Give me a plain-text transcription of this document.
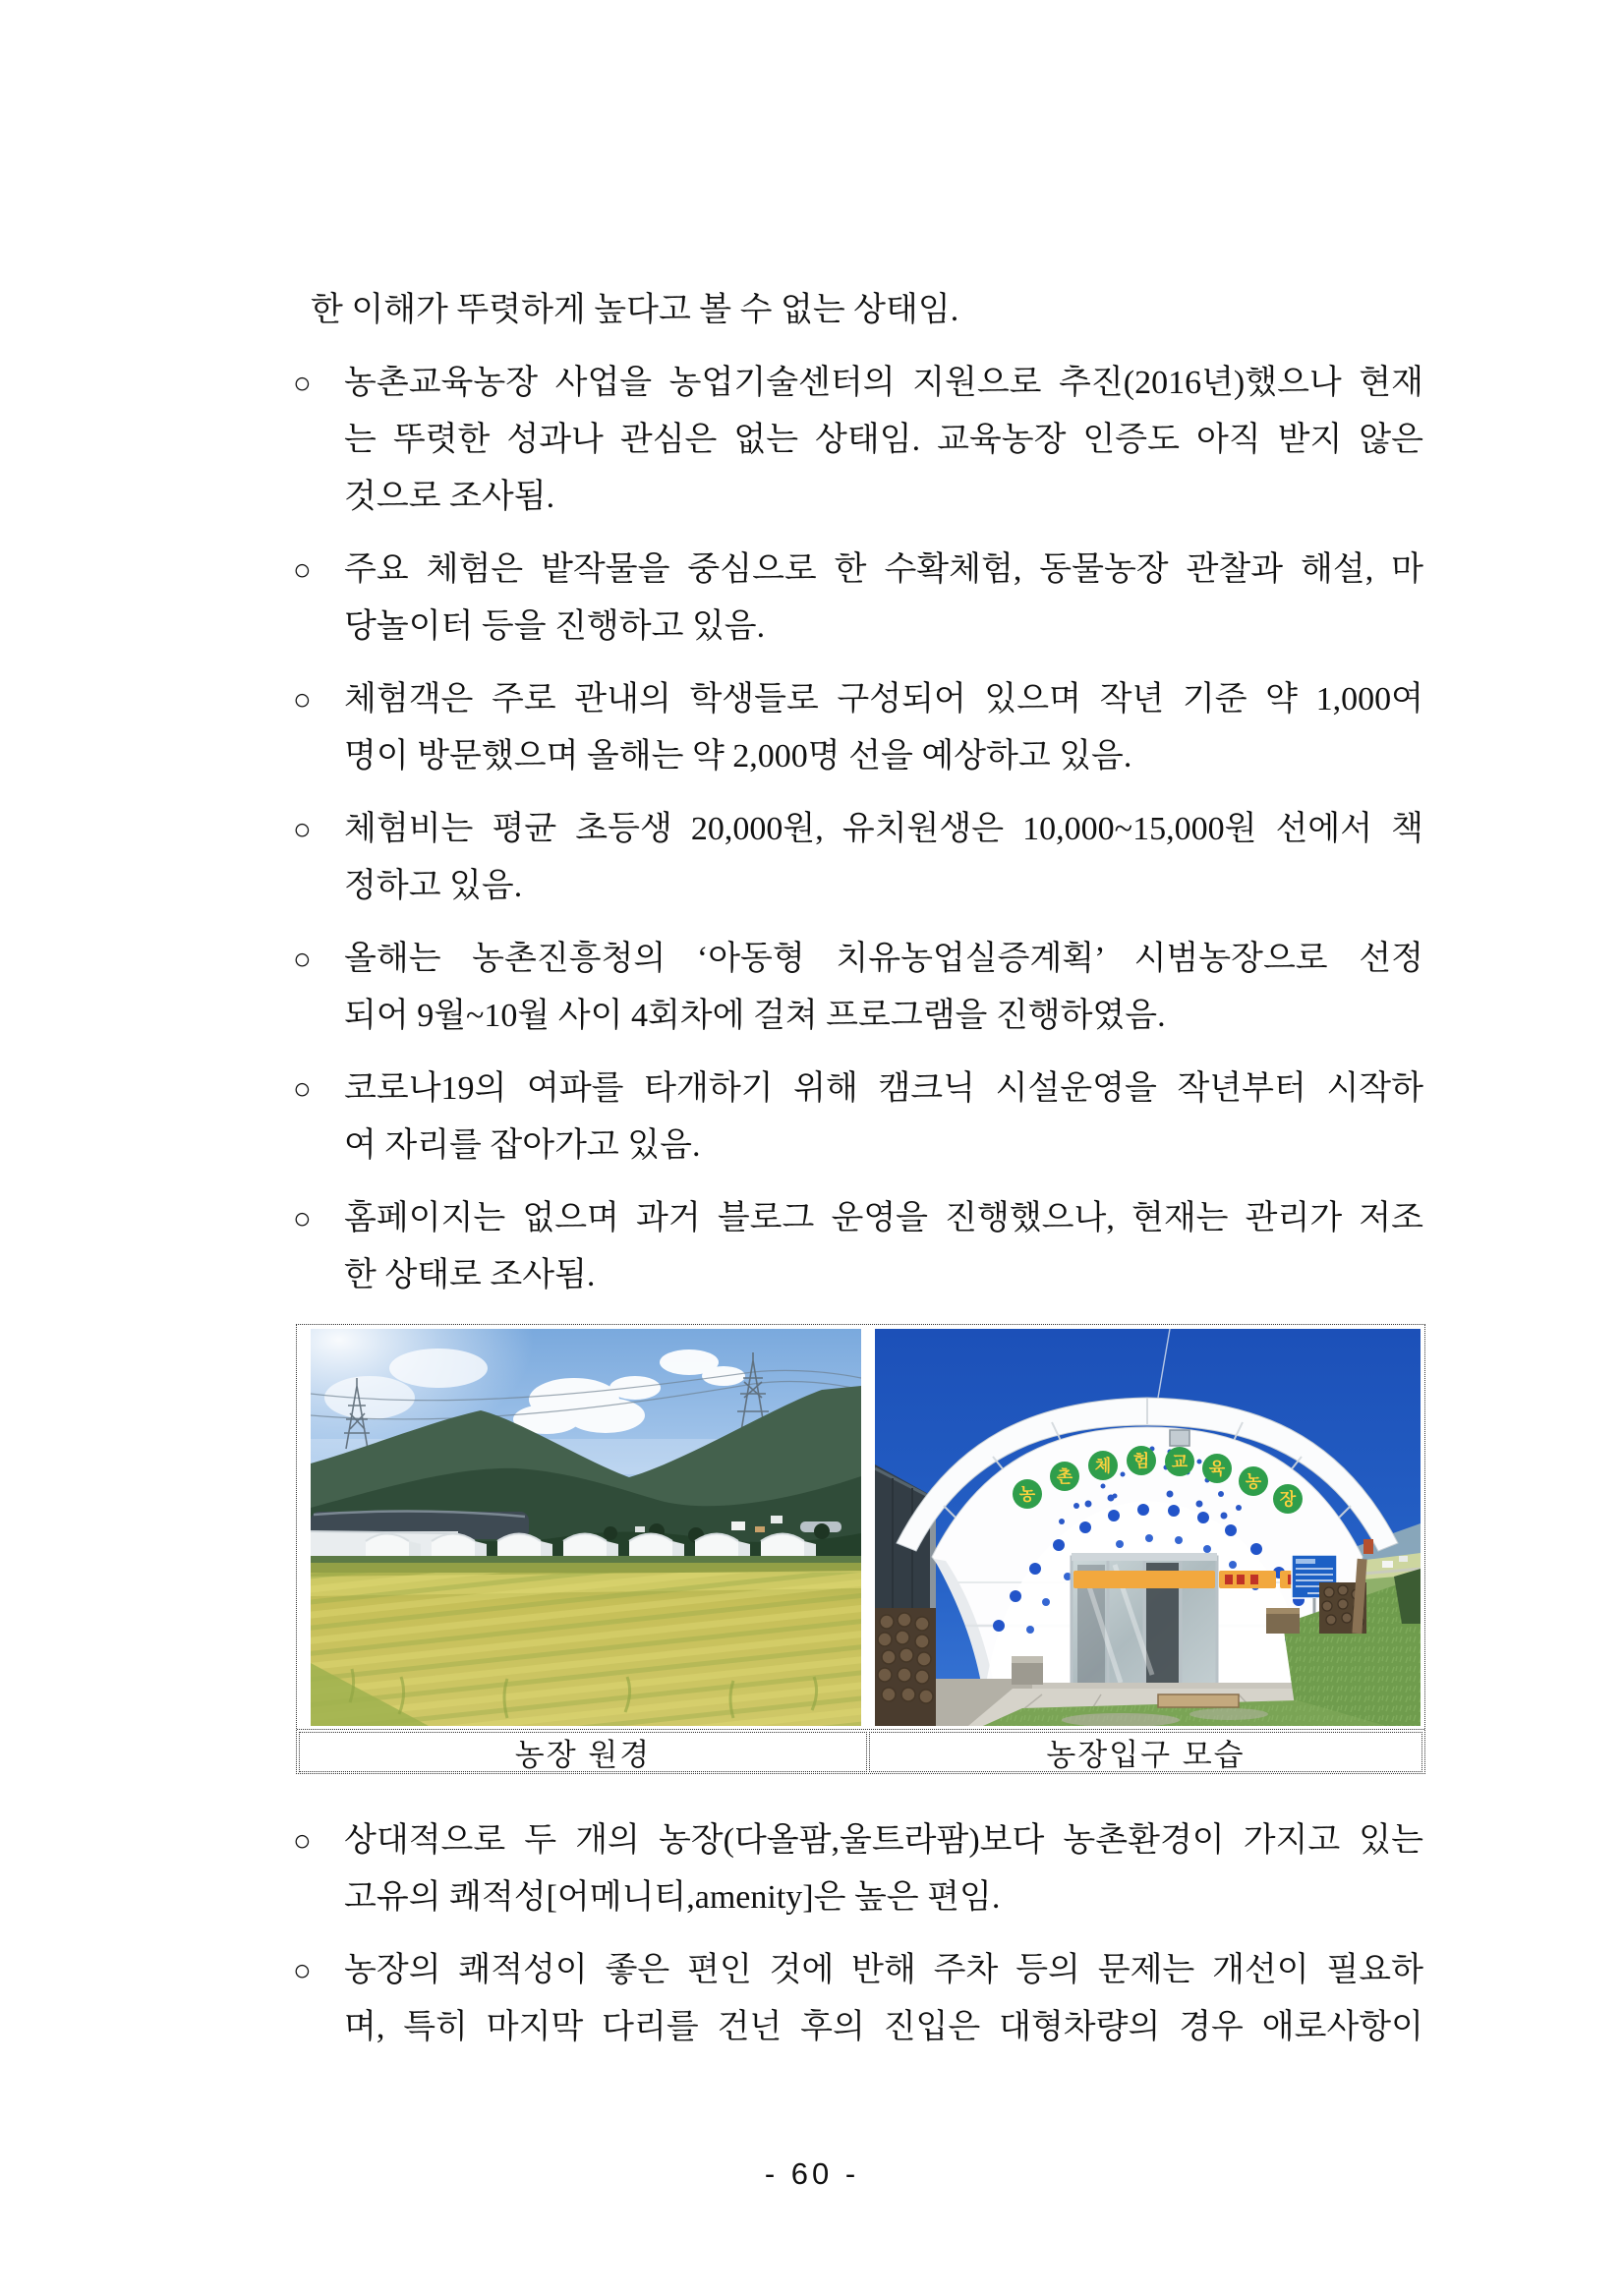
한 이해가 뚜렷하게 높다고 볼 수 없는 상태임.
○ 농촌교육농장 사업을 농업기술센터의 지원으로 추진(2016년)했으나 현재
는 뚜렷한 성과나 관심은 없는 상태임. 교육농장 인증도 아직 받지 않은
것으로 조사됨.
○ 주요 체험은 밭작물을 중심으로 한 수확체험, 동물농장 관찰과 해설, 마
당놀이터 등을 진행하고 있음.
○ 체험객은 주로 관내의 학생들로 구성되어 있으며 작년 기준 약 1,000여
명이 방문했으며 올해는 약 2,000명 선을 예상하고 있음.
○ 체험비는 평균 초등생 20,000원, 유치원생은 10,000~15,000원 선에서 책
정하고 있음.
○ 올해는 농촌진흥청의 ‘아동형 치유농업실증계획’ 시범농장으로 선정
되어 9월~10월 사이 4회차에 걸쳐 프로그램을 진행하였음.
○ 코로나19의 여파를 타개하기 위해 캠크닉 시설운영을 작년부터 시작하
여 자리를 잡아가고 있음.
○ 홈페이지는 없으며 과거 블로그 운영을 진행했으나, 현재는 관리가 저조
한 상태로 조사됨.
농
촌
체 험 교 육
농
장
농장 원경	농장입구 모습
○ 상대적으로 두 개의 농장(다올팜,울트라팜)보다 농촌환경이 가지고 있는
고유의 쾌적성[어메니티,amenity]은 높은 편임.
○ 농장의 쾌적성이 좋은 편인 것에 반해 주차 등의 문제는 개선이 필요하
며, 특히 마지막 다리를 건넌 후의 진입은 대형차량의 경우 애로사항이
- 60 -
